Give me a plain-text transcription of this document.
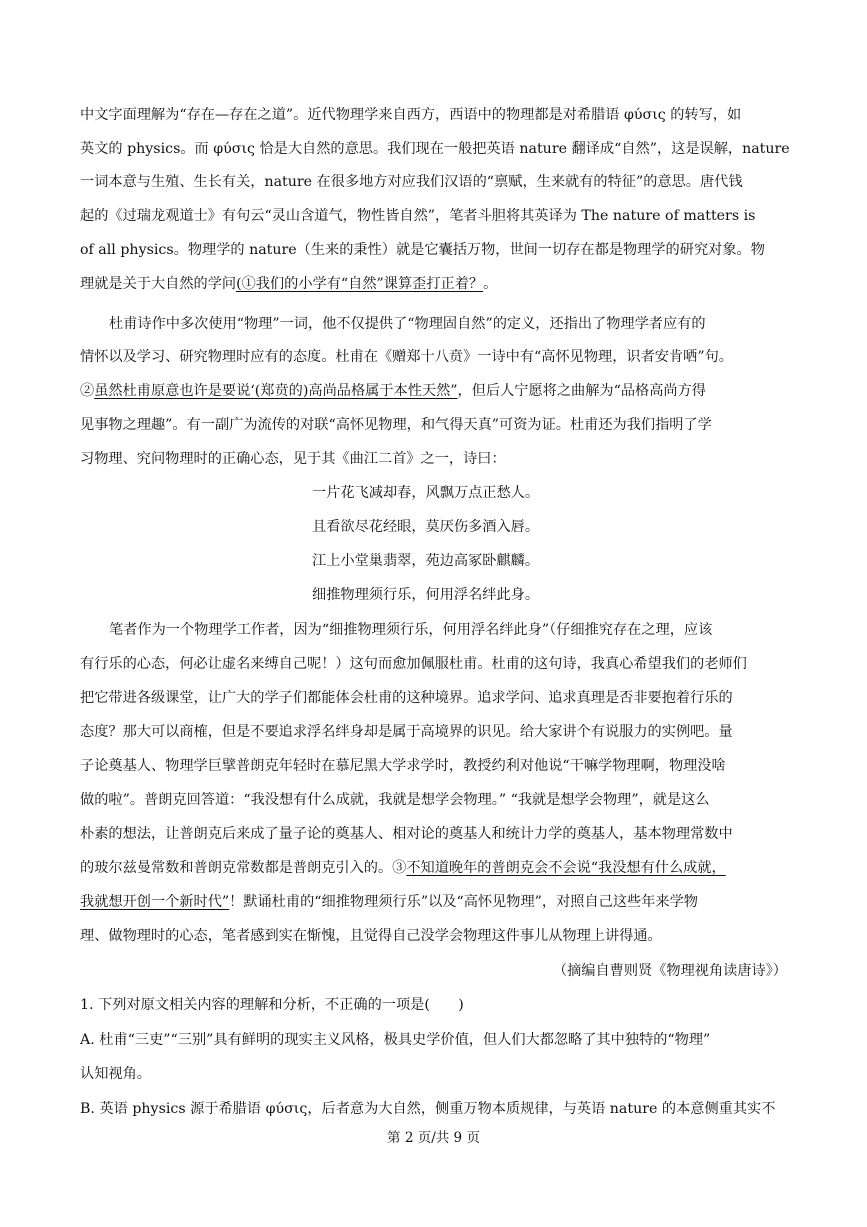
中文字面理解为“存在—存在之道”。近代物理学来自西方，西语中的物理都是对希腊语 φύσις 的转写，如
英文的 physics。而 φύσις 恰是大自然的意思。我们现在一般把英语 nature 翻译成“自然”，这是误解，nature
一词本意与生殖、生长有关，nature 在很多地方对应我们汉语的“禀赋，生来就有的特征”的意思。唐代钱
起的《过瑞龙观道士》有句云“灵山含道气，物性皆自然”，笔者斗胆将其英译为 The nature of matters is
of all physics。物理学的 nature（生来的秉性）就是它囊括万物，世间一切存在都是物理学的研究对象。物
理就是关于大自然的学问(①我们的小学有“自然”课算歪打正着？。
杜甫诗作中多次使用“物理”一词，他不仅提供了“物理固自然”的定义，还指出了物理学者应有的
情怀以及学习、研究物理时应有的态度。杜甫在《赠郑十八贲》一诗中有“高怀见物理，识者安肯哂”句。
②虽然杜甫原意也许是要说‘(郑贲的)高尚品格属于本性天然”，但后人宁愿将之曲解为“品格高尚方得
见事物之理趣”。有一副广为流传的对联“高怀见物理，和气得天真”可资为证。杜甫还为我们指明了学
习物理、究问物理时的正确心态，见于其《曲江二首》之一，诗曰：
一片花飞减却春，风飘万点正愁人。
且看欲尽花经眼，莫厌伤多酒入唇。
江上小堂巢翡翠，苑边高冢卧麒麟。
细推物理须行乐，何用浮名绊此身。
笔者作为一个物理学工作者，因为“细推物理须行乐，何用浮名绊此身”（仔细推究存在之理，应该
有行乐的心态，何必让虚名来缚自己呢！）这句而愈加佩服杜甫。杜甫的这句诗，我真心希望我们的老师们
把它带进各级课堂，让广大的学子们都能体会杜甫的这种境界。追求学问、追求真理是否非要抱着行乐的
态度？那大可以商榷，但是不要追求浮名绊身却是属于高境界的识见。给大家讲个有说服力的实例吧。量
子论奠基人、物理学巨擘普朗克年轻时在慕尼黑大学求学时，教授约利对他说“干嘛学物理啊，物理没啥
做的啦”。普朗克回答道：“我没想有什么成就，我就是想学会物理。” “我就是想学会物理”，就是这么
朴素的想法，让普朗克后来成了量子论的奠基人、相对论的奠基人和统计力学的奠基人，基本物理常数中
的玻尔兹曼常数和普朗克常数都是普朗克引入的。③不知道晚年的普朗克会不会说“我没想有什么成就，
我就想开创一个新时代”！默诵杜甫的“细推物理须行乐”以及“高怀见物理”，对照自己这些年来学物
理、做物理时的心态，笔者感到实在惭愧，且觉得自己没学会物理这件事儿从物理上讲得通。
（摘编自曹则贤《物理视角读唐诗》）
1. 下列对原文相关内容的理解和分析，不正确的一项是(　　)
A. 杜甫“三吏”“三别”具有鲜明的现实主义风格，极具史学价值，但人们大都忽略了其中独特的“物理”
认知视角。
B. 英语 physics 源于希腊语 φύσις，后者意为大自然，侧重万物本质规律，与英语 nature 的本意侧重其实不
第 2 页/共 9 页
